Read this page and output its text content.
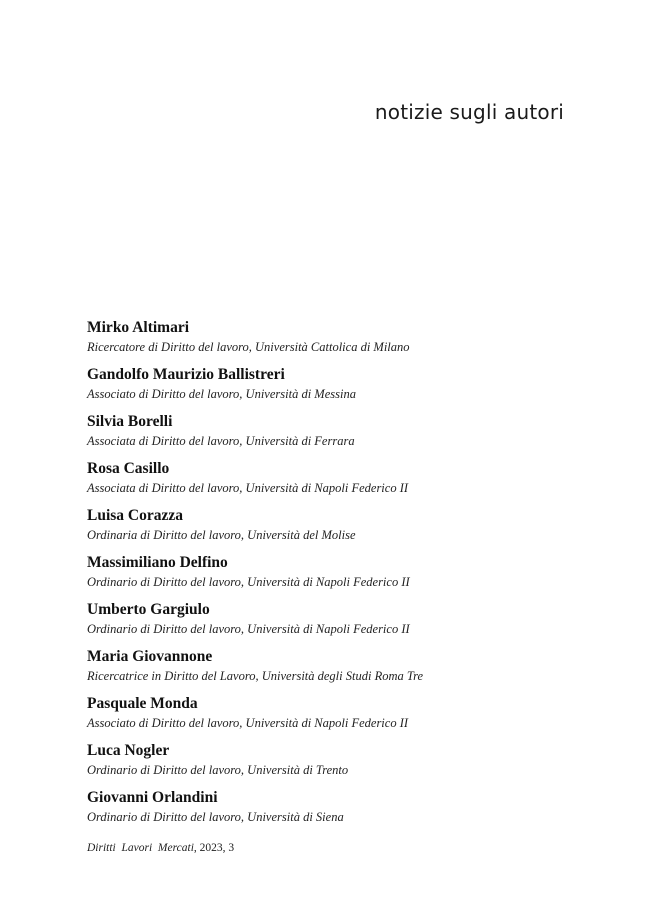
notizie sugli autori
Mirko Altimari
Ricercatore di Diritto del lavoro, Università Cattolica di Milano
Gandolfo Maurizio Ballistreri
Associato di Diritto del lavoro, Università di Messina
Silvia Borelli
Associata di Diritto del lavoro, Università di Ferrara
Rosa Casillo
Associata di Diritto del lavoro, Università di Napoli Federico II
Luisa Corazza
Ordinaria di Diritto del lavoro, Università del Molise
Massimiliano Delfino
Ordinario di Diritto del lavoro, Università di Napoli Federico II
Umberto Gargiulo
Ordinario di Diritto del lavoro, Università di Napoli Federico II
Maria Giovannone
Ricercatrice in Diritto del Lavoro, Università degli Studi Roma Tre
Pasquale Monda
Associato di Diritto del lavoro, Università di Napoli Federico II
Luca Nogler
Ordinario di Diritto del lavoro, Università di Trento
Giovanni Orlandini
Ordinario di Diritto del lavoro, Università di Siena
Diritti  Lavori  Mercati, 2023, 3
